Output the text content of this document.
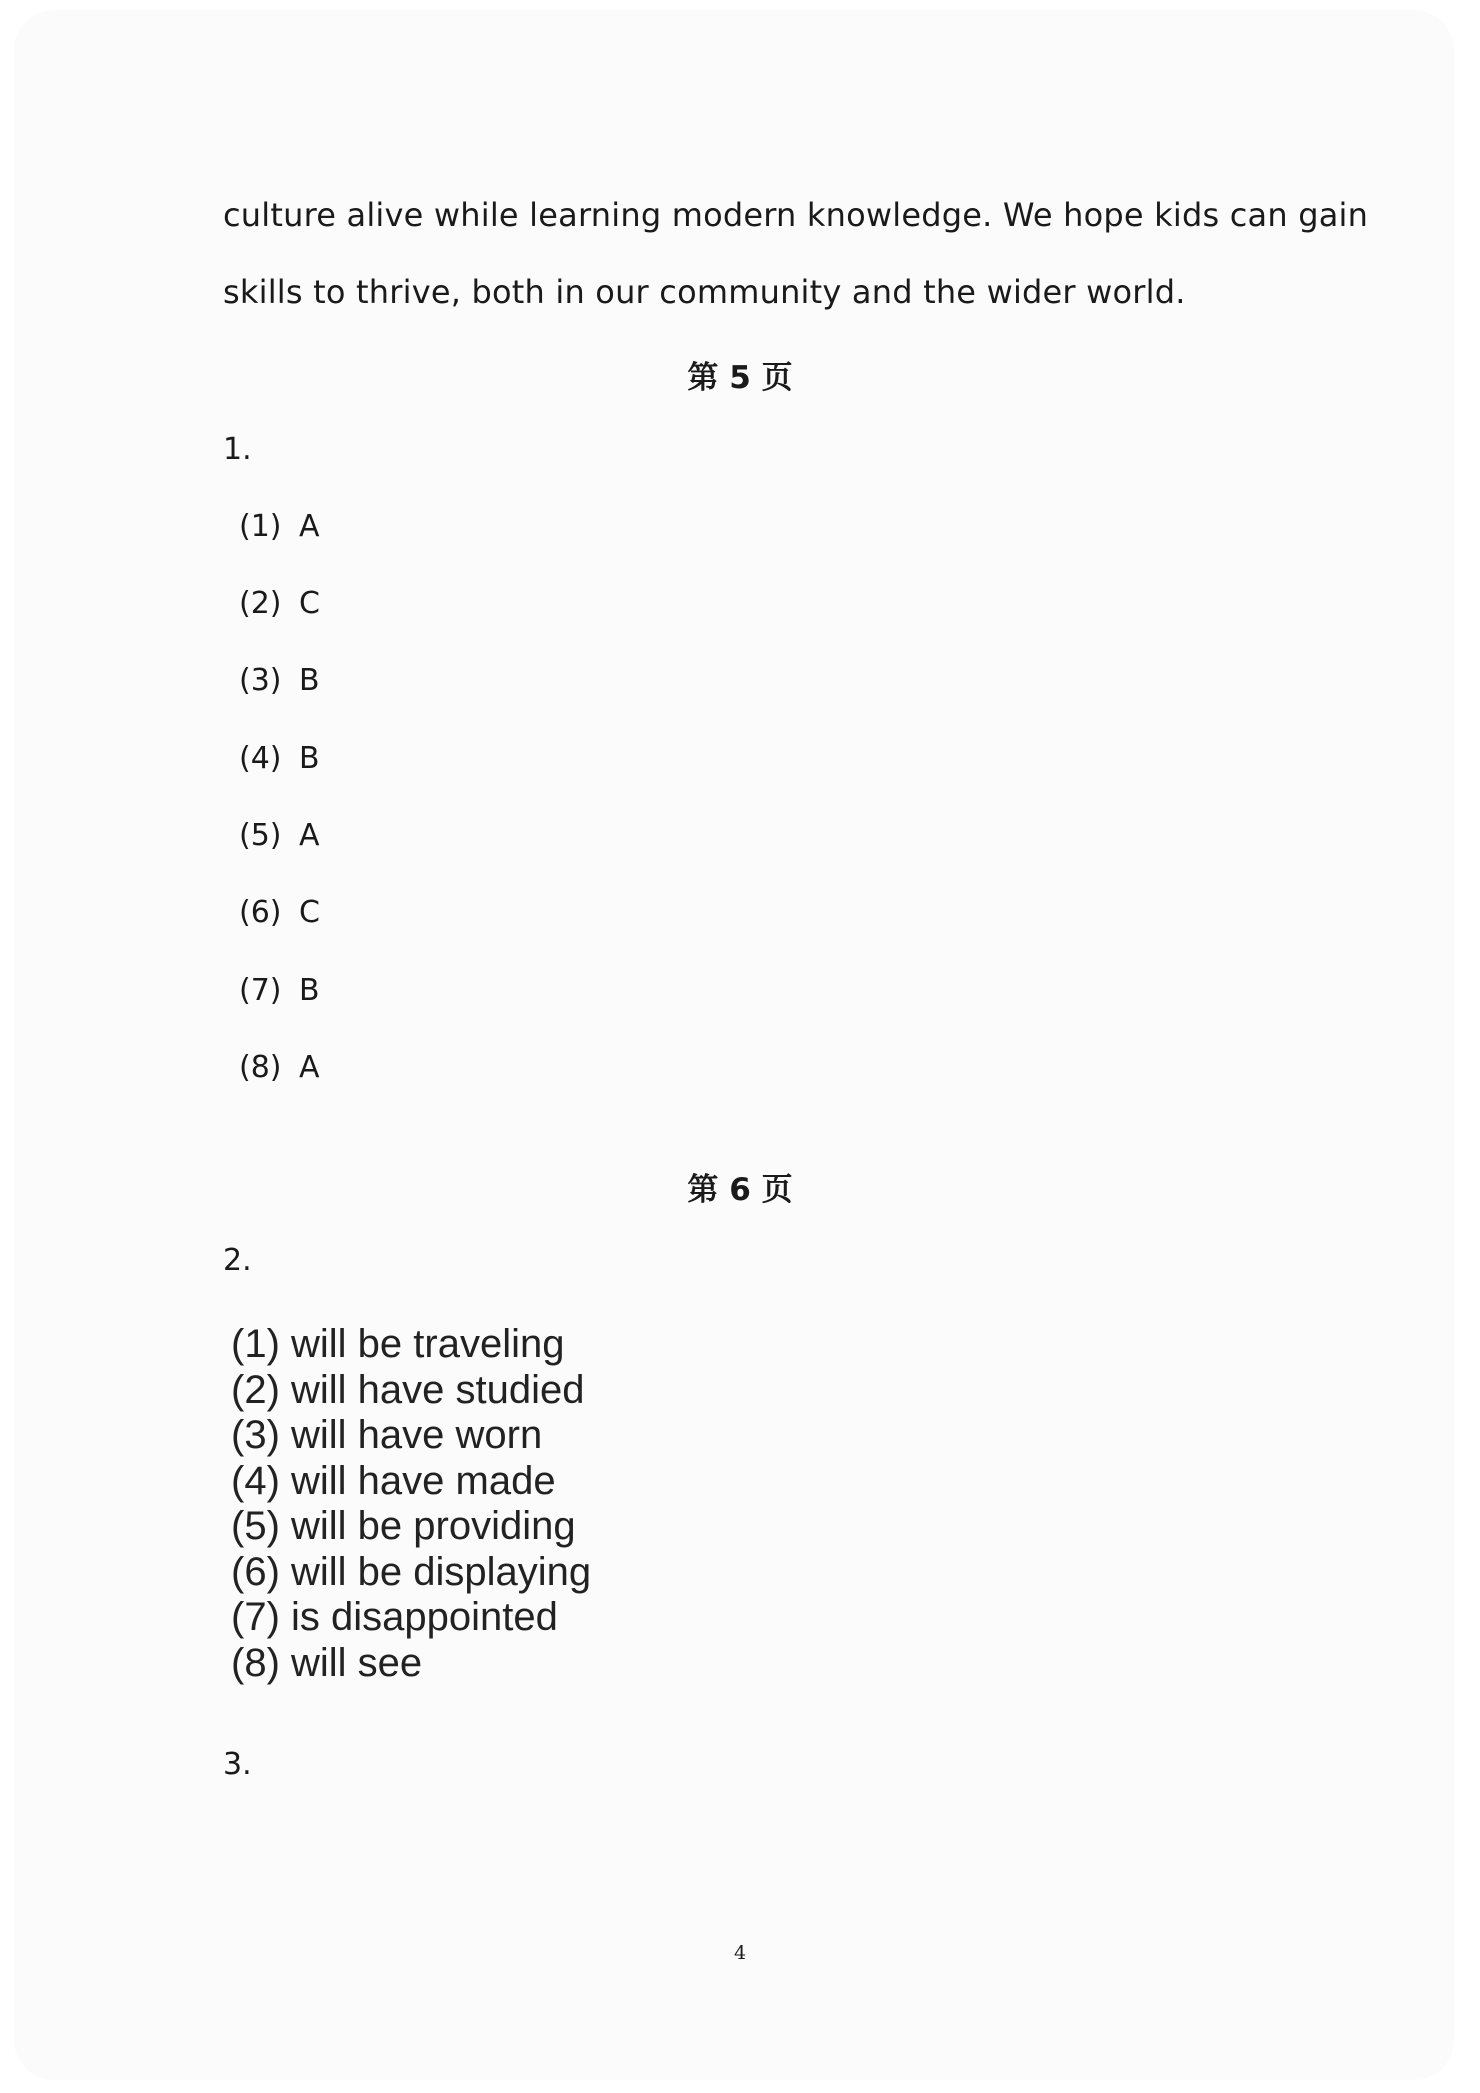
culture alive while learning modern knowledge. We hope kids can gain
skills to thrive, both in our community and the wider world.
第 5 页
1.
(1) A
(2) C
(3) B
(4) B
(5) A
(6) C
(7) B
(8) A
第 6 页
2.
(1) will be traveling
(2) will have studied
(3) will have worn
(4) will have made
(5) will be providing
(6) will be displaying
(7) is disappointed
(8) will see
3.
4
